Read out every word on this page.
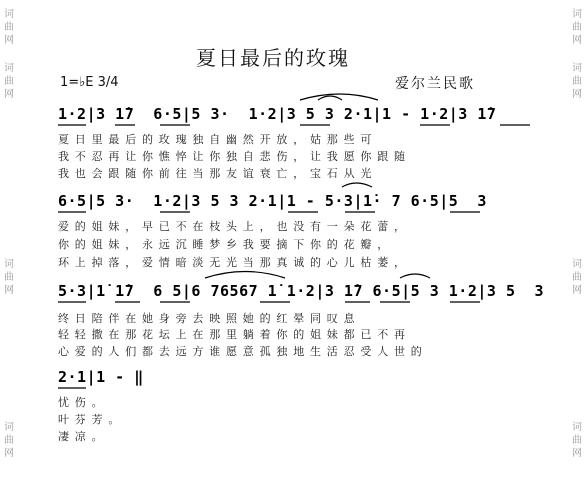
词
曲
网
词
曲
网
词
曲
网
词
曲
网
词
曲
网
词
曲
网
词
曲
网
词
曲
网
夏日最后的玫瑰
1=♭E 3/4	爱尔兰民歌
1·2|3 1̇7  6·5|5 3·  1·2|3 5 3 2·1|1 - 1·2|3 1̇7
夏日里最后的玫瑰独自幽然开放，姑那些可
我不忍再让你憔悴让你独自悲伤，让我愿你跟随
我也会跟随你前往当那友谊衰亡，宝石从光
6·5|5 3·  1·2|3 5 3 2·1|1 - 5·3|1̇· 7 6·5|5  3
爱的姐妹，早已不在枝头上，也没有一朵花蕾，
你的姐妹，永远沉睡梦乡我要摘下你的花瓣，
环上掉落，爱情暗淡无光当那真诚的心儿枯萎，
5·3|1̇ 1̇7  6 5|6 76567 1̇ 1·2|3 1̇7 6·5|5 3 1·2|3 5  3
终日陪伴在她身旁去映照她的红晕同叹息
轻轻撒在那花坛上在那里躺着你的姐妹都已不再
心爱的人们都去远方谁愿意孤独地生活忍受人世的
2·1|1 - ‖
忧伤。
叶芬芳。
凄凉。
